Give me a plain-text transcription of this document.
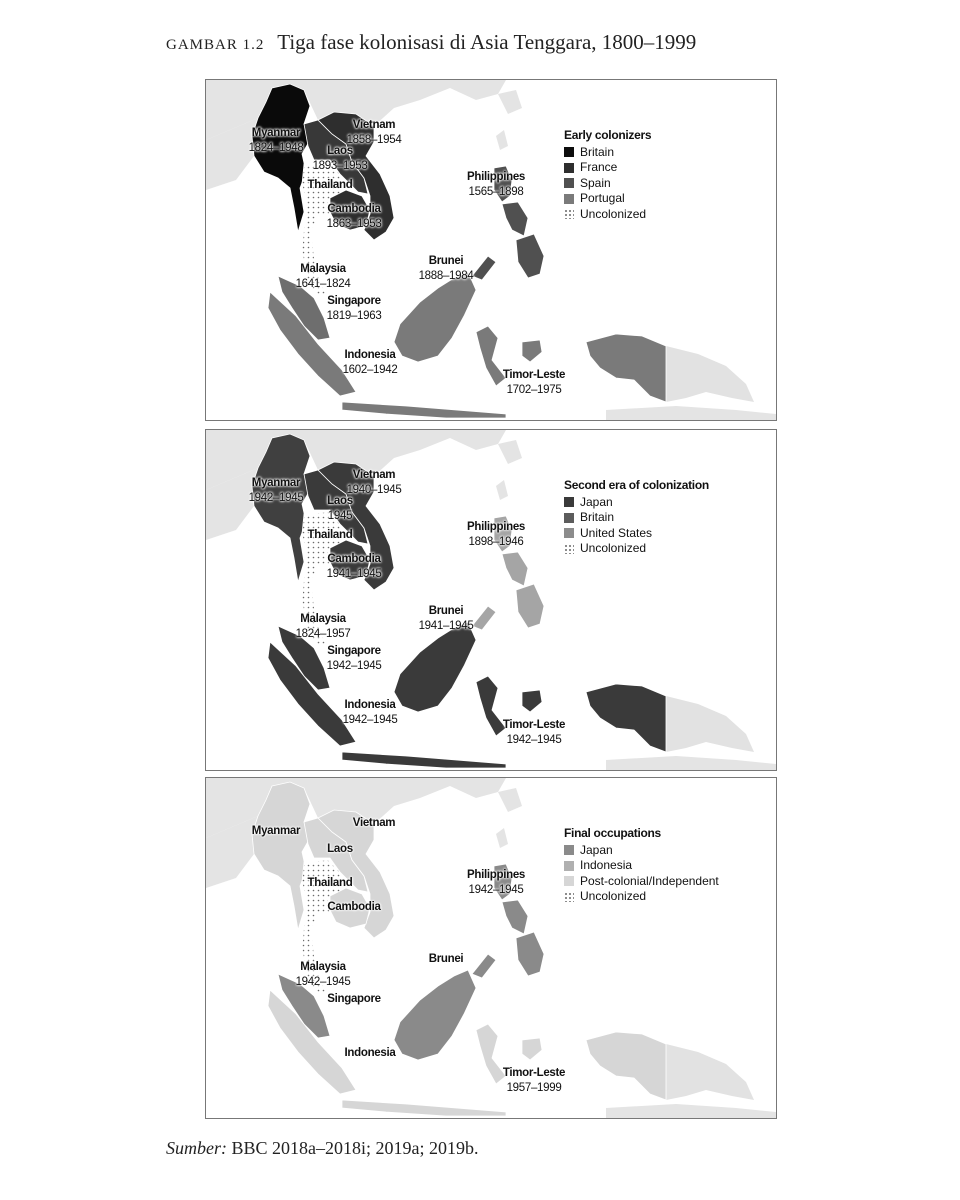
GAMBAR 1.2 Tiga fase kolonisasi di Asia Tenggara, 1800–1999
Myanmar
1824–1948
Vietnam
1858–1954
Laos
1893–1953
Thailand
Cambodia
1863–1953
Philippines
1565–1898
Brunei
1888–1984
Malaysia
1641–1824
Singapore
1819–1963
Indonesia
1602–1942	Timor-Leste
1702–1975
Early colonizers
Britain
France
Spain
Portugal
Uncolonized
Myanmar
1942–1945
Vietnam
1940–1945
Laos
1945
Thailand
Cambodia
1941–1945
Philippines
1898–1946
Brunei
1941–1945
Malaysia
1824–1957
Singapore
1942–1945
Indonesia
1942–1945	Timor-Leste
1942–1945
Second era of colonization
Japan
Britain
United States
Uncolonized
Myanmar
Vietnam
Laos
Thailand
Cambodia
Philippines
1942–1945
Brunei
Malaysia
1942–1945
Singapore
Indonesia
Timor-Leste
1957–1999
Final occupations
Japan
Indonesia
Post-colonial/Independent
Uncolonized
Sumber: BBC 2018a–2018i; 2019a; 2019b.
